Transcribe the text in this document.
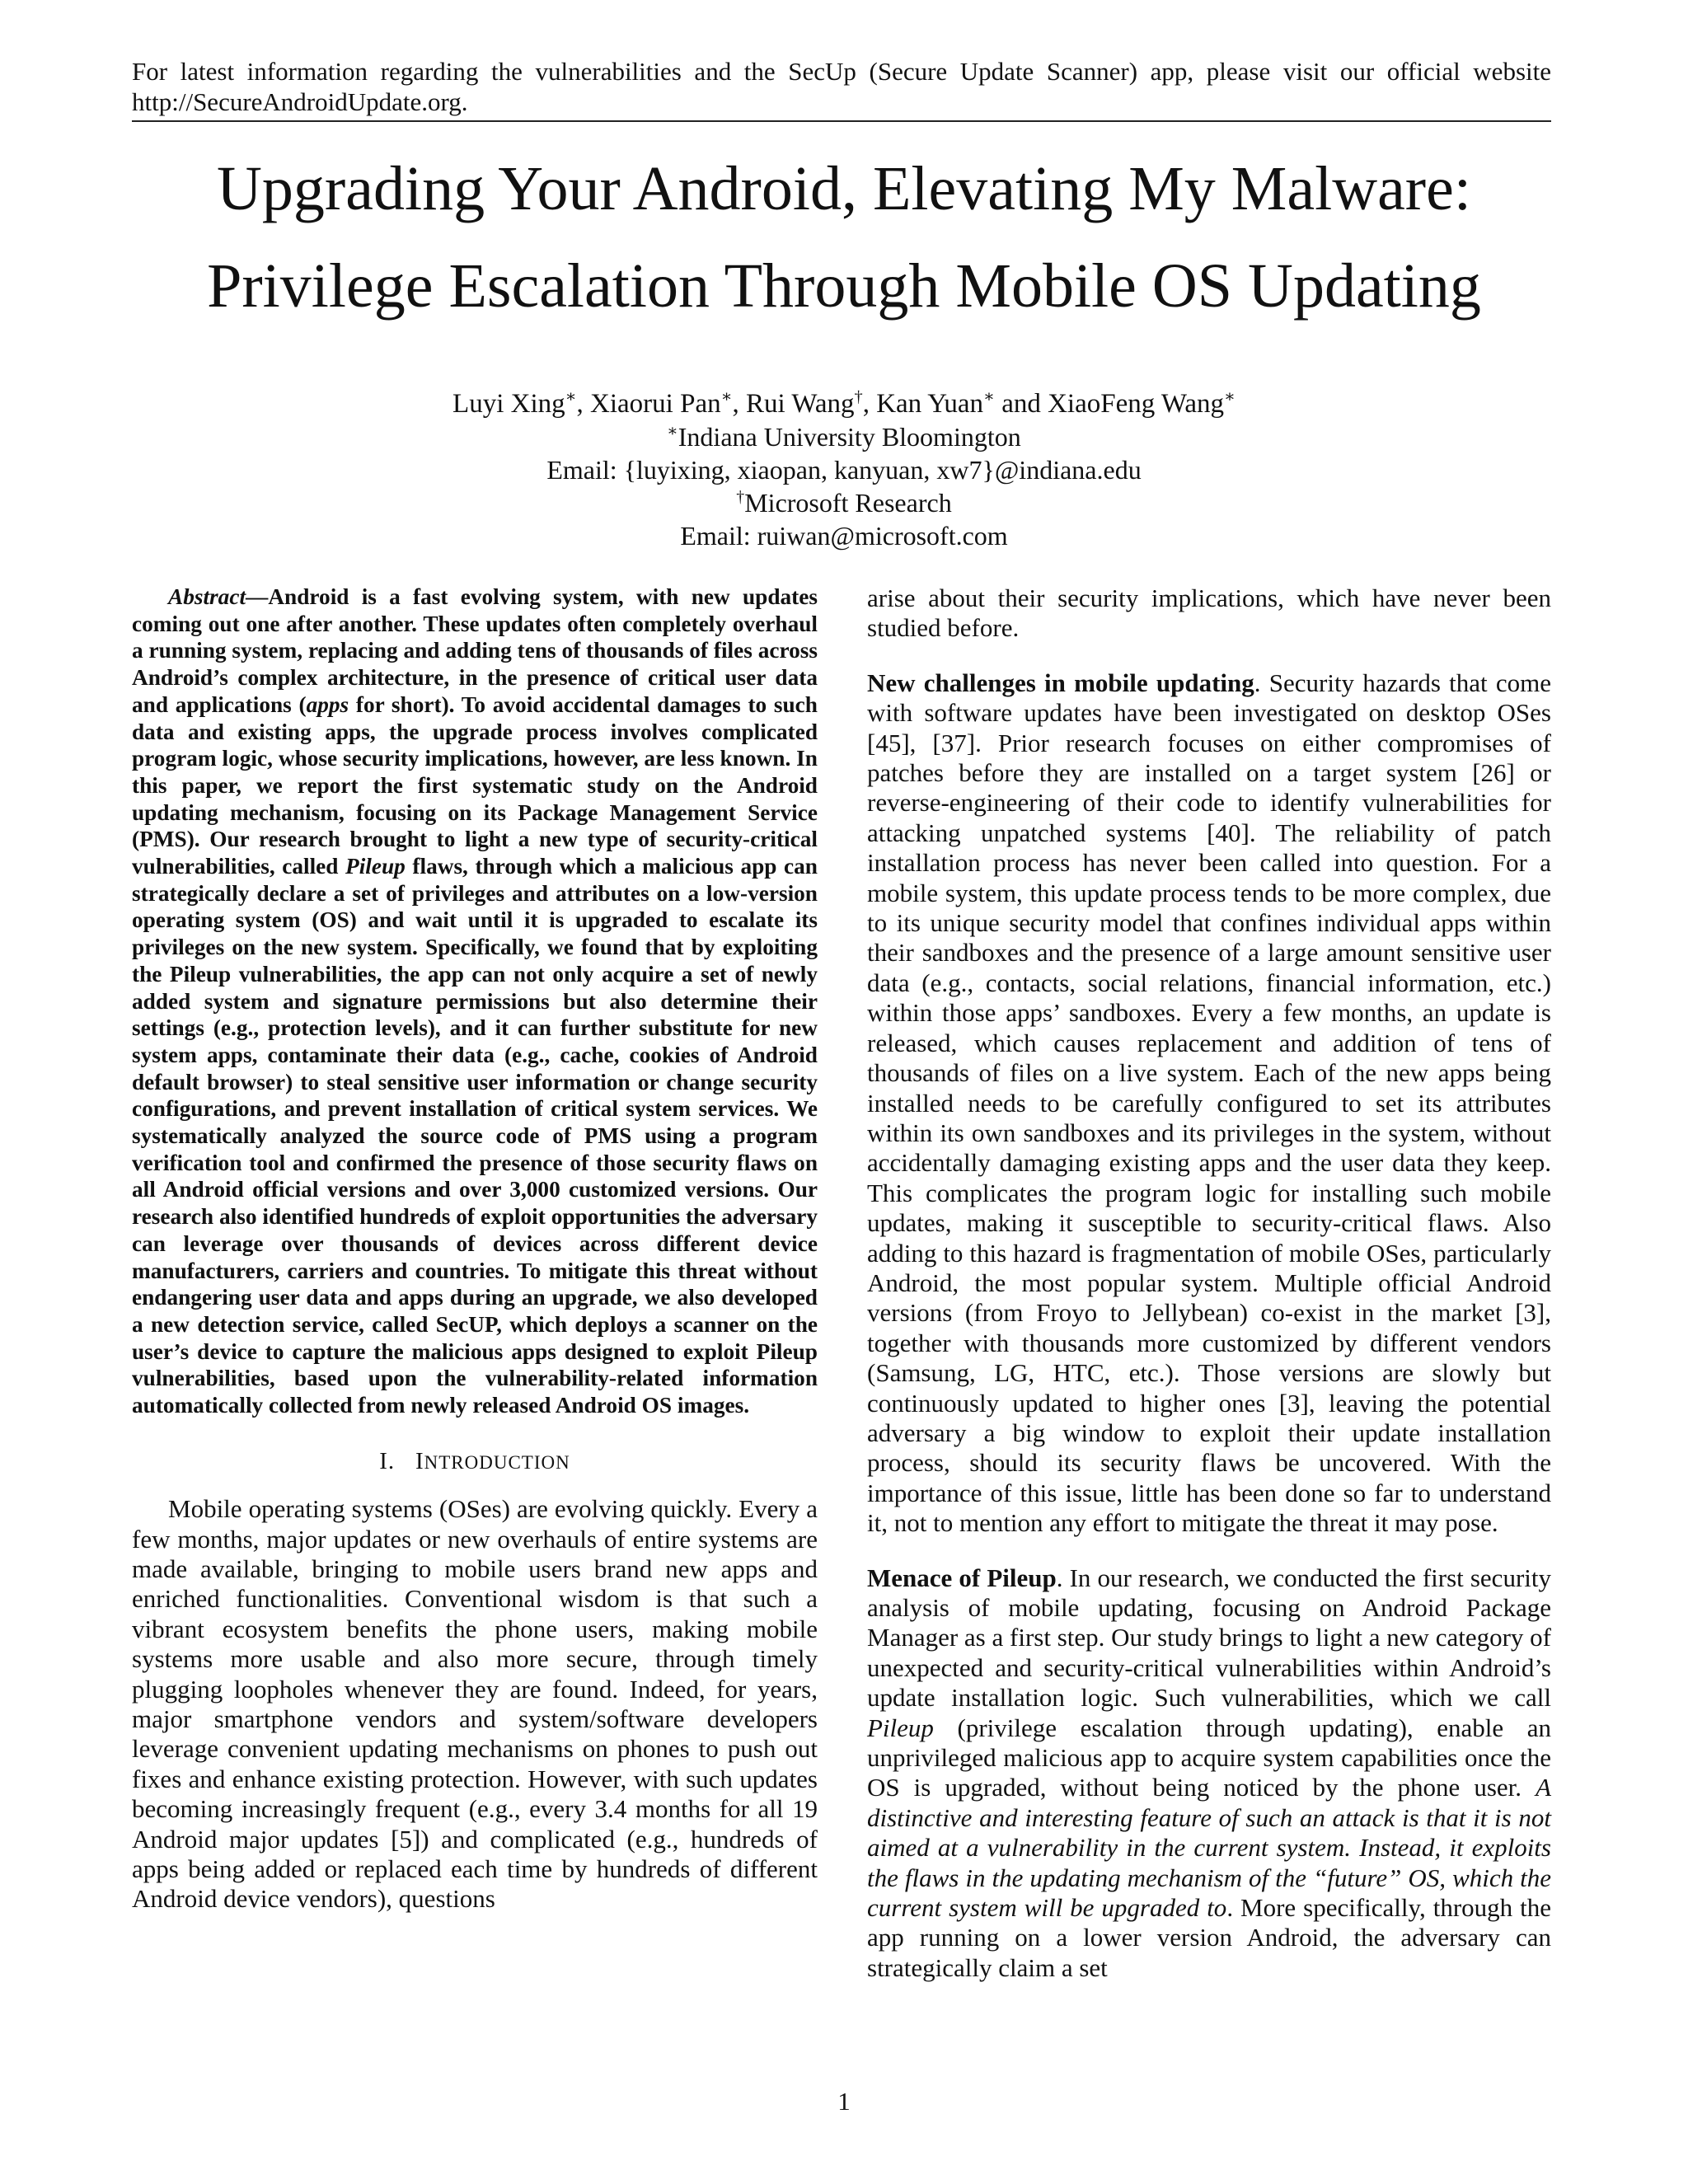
For latest information regarding the vulnerabilities and the SecUp (Secure Update Scanner) app, please visit our official website http://SecureAndroidUpdate.org.
Upgrading Your Android, Elevating My Malware:
Privilege Escalation Through Mobile OS Updating
Luyi Xing∗, Xiaorui Pan∗, Rui Wang†, Kan Yuan∗ and XiaoFeng Wang∗
∗Indiana University Bloomington
Email: {luyixing, xiaopan, kanyuan, xw7}@indiana.edu
†Microsoft Research
Email: ruiwan@microsoft.com

Abstract—Android is a fast evolving system, with new updates coming out one after another. These updates often completely overhaul a running system, replacing and adding tens of thousands of files across Android’s complex architecture, in the presence of critical user data and applications (apps for short). To avoid accidental damages to such data and existing apps, the upgrade process involves complicated program logic, whose security implications, however, are less known. In this paper, we report the first systematic study on the Android updating mechanism, focusing on its Package Management Service (PMS). Our research brought to light a new type of security-critical vulnerabilities, called Pileup flaws, through which a malicious app can strategically declare a set of privileges and attributes on a low-version operating system (OS) and wait until it is upgraded to escalate its privileges on the new system. Specifically, we found that by exploiting the Pileup vulnerabilities, the app can not only acquire a set of newly added system and signature permissions but also determine their settings (e.g., protection levels), and it can further substitute for new system apps, contaminate their data (e.g., cache, cookies of Android default browser) to steal sensitive user information or change security configurations, and prevent installation of critical system services. We systematically analyzed the source code of PMS using a program verification tool and confirmed the presence of those security flaws on all Android official versions and over 3,000 customized versions. Our research also identified hundreds of exploit opportunities the adversary can leverage over thousands of devices across different device manufacturers, carriers and countries. To mitigate this threat without endangering user data and apps during an upgrade, we also developed a new detection service, called SecUP, which deploys a scanner on the user’s device to capture the malicious apps designed to exploit Pileup vulnerabilities, based upon the vulnerability-related information automatically collected from newly released Android OS images.

I. INTRODUCTION

Mobile operating systems (OSes) are evolving quickly. Every a few months, major updates or new overhauls of entire systems are made available, bringing to mobile users brand new apps and enriched functionalities. Conventional wisdom is that such a vibrant ecosystem benefits the phone users, making mobile systems more usable and also more secure, through timely plugging loopholes whenever they are found. Indeed, for years, major smartphone vendors and system/software developers leverage convenient updating mechanisms on phones to push out fixes and enhance existing protection. However, with such updates becoming increasingly frequent (e.g., every 3.4 months for all 19 Android major updates [5]) and complicated (e.g., hundreds of apps being added or replaced each time by hundreds of different Android device vendors), questions

arise about their security implications, which have never been studied before.

New challenges in mobile updating. Security hazards that come with software updates have been investigated on desktop OSes [45], [37]. Prior research focuses on either compromises of patches before they are installed on a target system [26] or reverse-engineering of their code to identify vulnerabilities for attacking unpatched systems [40]. The reliability of patch installation process has never been called into question. For a mobile system, this update process tends to be more complex, due to its unique security model that confines individual apps within their sandboxes and the presence of a large amount sensitive user data (e.g., contacts, social relations, financial information, etc.) within those apps’ sandboxes. Every a few months, an update is released, which causes replacement and addition of tens of thousands of files on a live system. Each of the new apps being installed needs to be carefully configured to set its attributes within its own sandboxes and its privileges in the system, without accidentally damaging existing apps and the user data they keep. This complicates the program logic for installing such mobile updates, making it susceptible to security-critical flaws. Also adding to this hazard is fragmentation of mobile OSes, particularly Android, the most popular system. Multiple official Android versions (from Froyo to Jellybean) co-exist in the market [3], together with thousands more customized by different vendors (Samsung, LG, HTC, etc.). Those versions are slowly but continuously updated to higher ones [3], leaving the potential adversary a big window to exploit their update installation process, should its security flaws be uncovered. With the importance of this issue, little has been done so far to understand it, not to mention any effort to mitigate the threat it may pose.

Menace of Pileup. In our research, we conducted the first security analysis of mobile updating, focusing on Android Package Manager as a first step. Our study brings to light a new category of unexpected and security-critical vulnerabilities within Android’s update installation logic. Such vulnerabilities, which we call Pileup (privilege escalation through updating), enable an unprivileged malicious app to acquire system capabilities once the OS is upgraded, without being noticed by the phone user. A distinctive and interesting feature of such an attack is that it is not aimed at a vulnerability in the current system. Instead, it exploits the flaws in the updating mechanism of the “future” OS, which the current system will be upgraded to. More specifically, through the app running on a lower version Android, the adversary can strategically claim a set

1
